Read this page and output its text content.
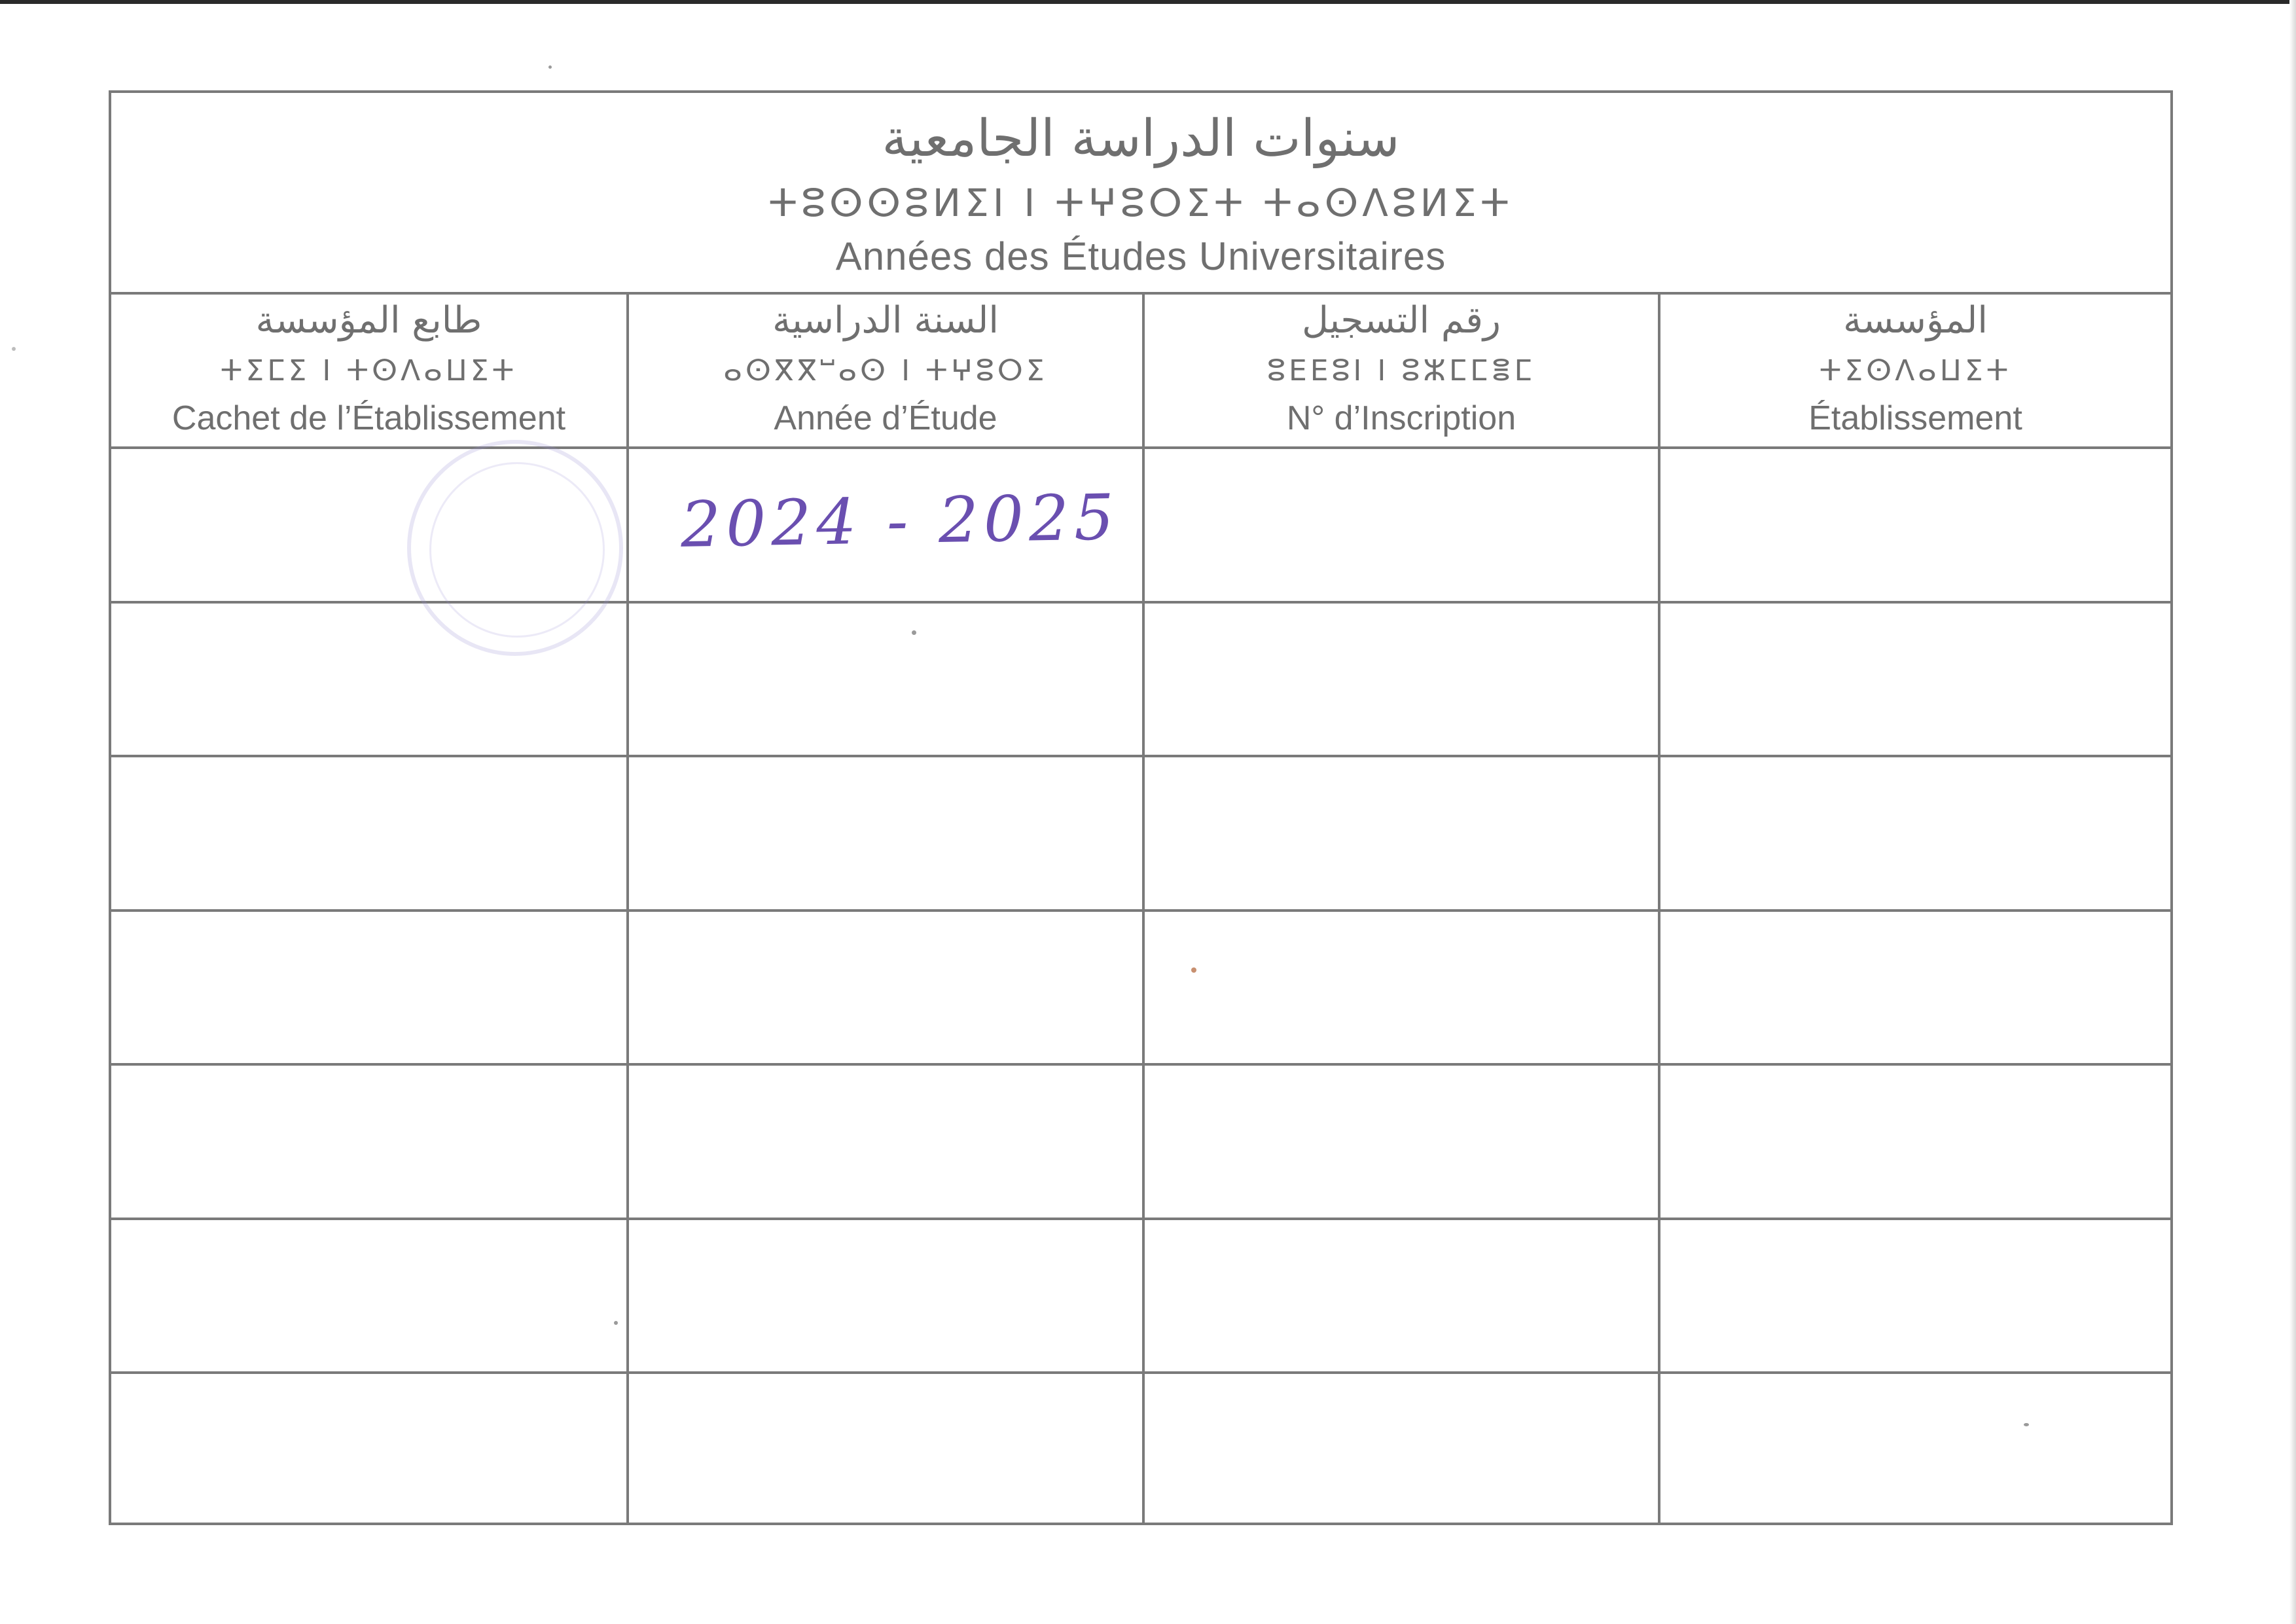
سنوات الدراسة الجامعية
ⵜⵓⵙⵙⵓⵍⵉⵏ ⵏ ⵜⵖⵓⵔⵉⵜ ⵜⴰⵙⴷⵓⵍⵉⵜ
Années des Études Universitaires
طابع المؤسسة
ⵜⵉⵎⵉ ⵏ ⵜⵙⴷⴰⵡⵉⵜ
Cachet de l’Établissement
السنة الدراسية
ⴰⵙⴳⴳⵯⴰⵙ ⵏ ⵜⵖⵓⵔⵉ
Année d’Étude
رقم التسجيل
ⵓⴹⴹⵓⵏ ⵏ ⵓⵣⵎⵎⴻⵎ
N° d’Inscription
المؤسسة
ⵜⵉⵙⴷⴰⵡⵉⵜ
Établissement
2024 - 2025
